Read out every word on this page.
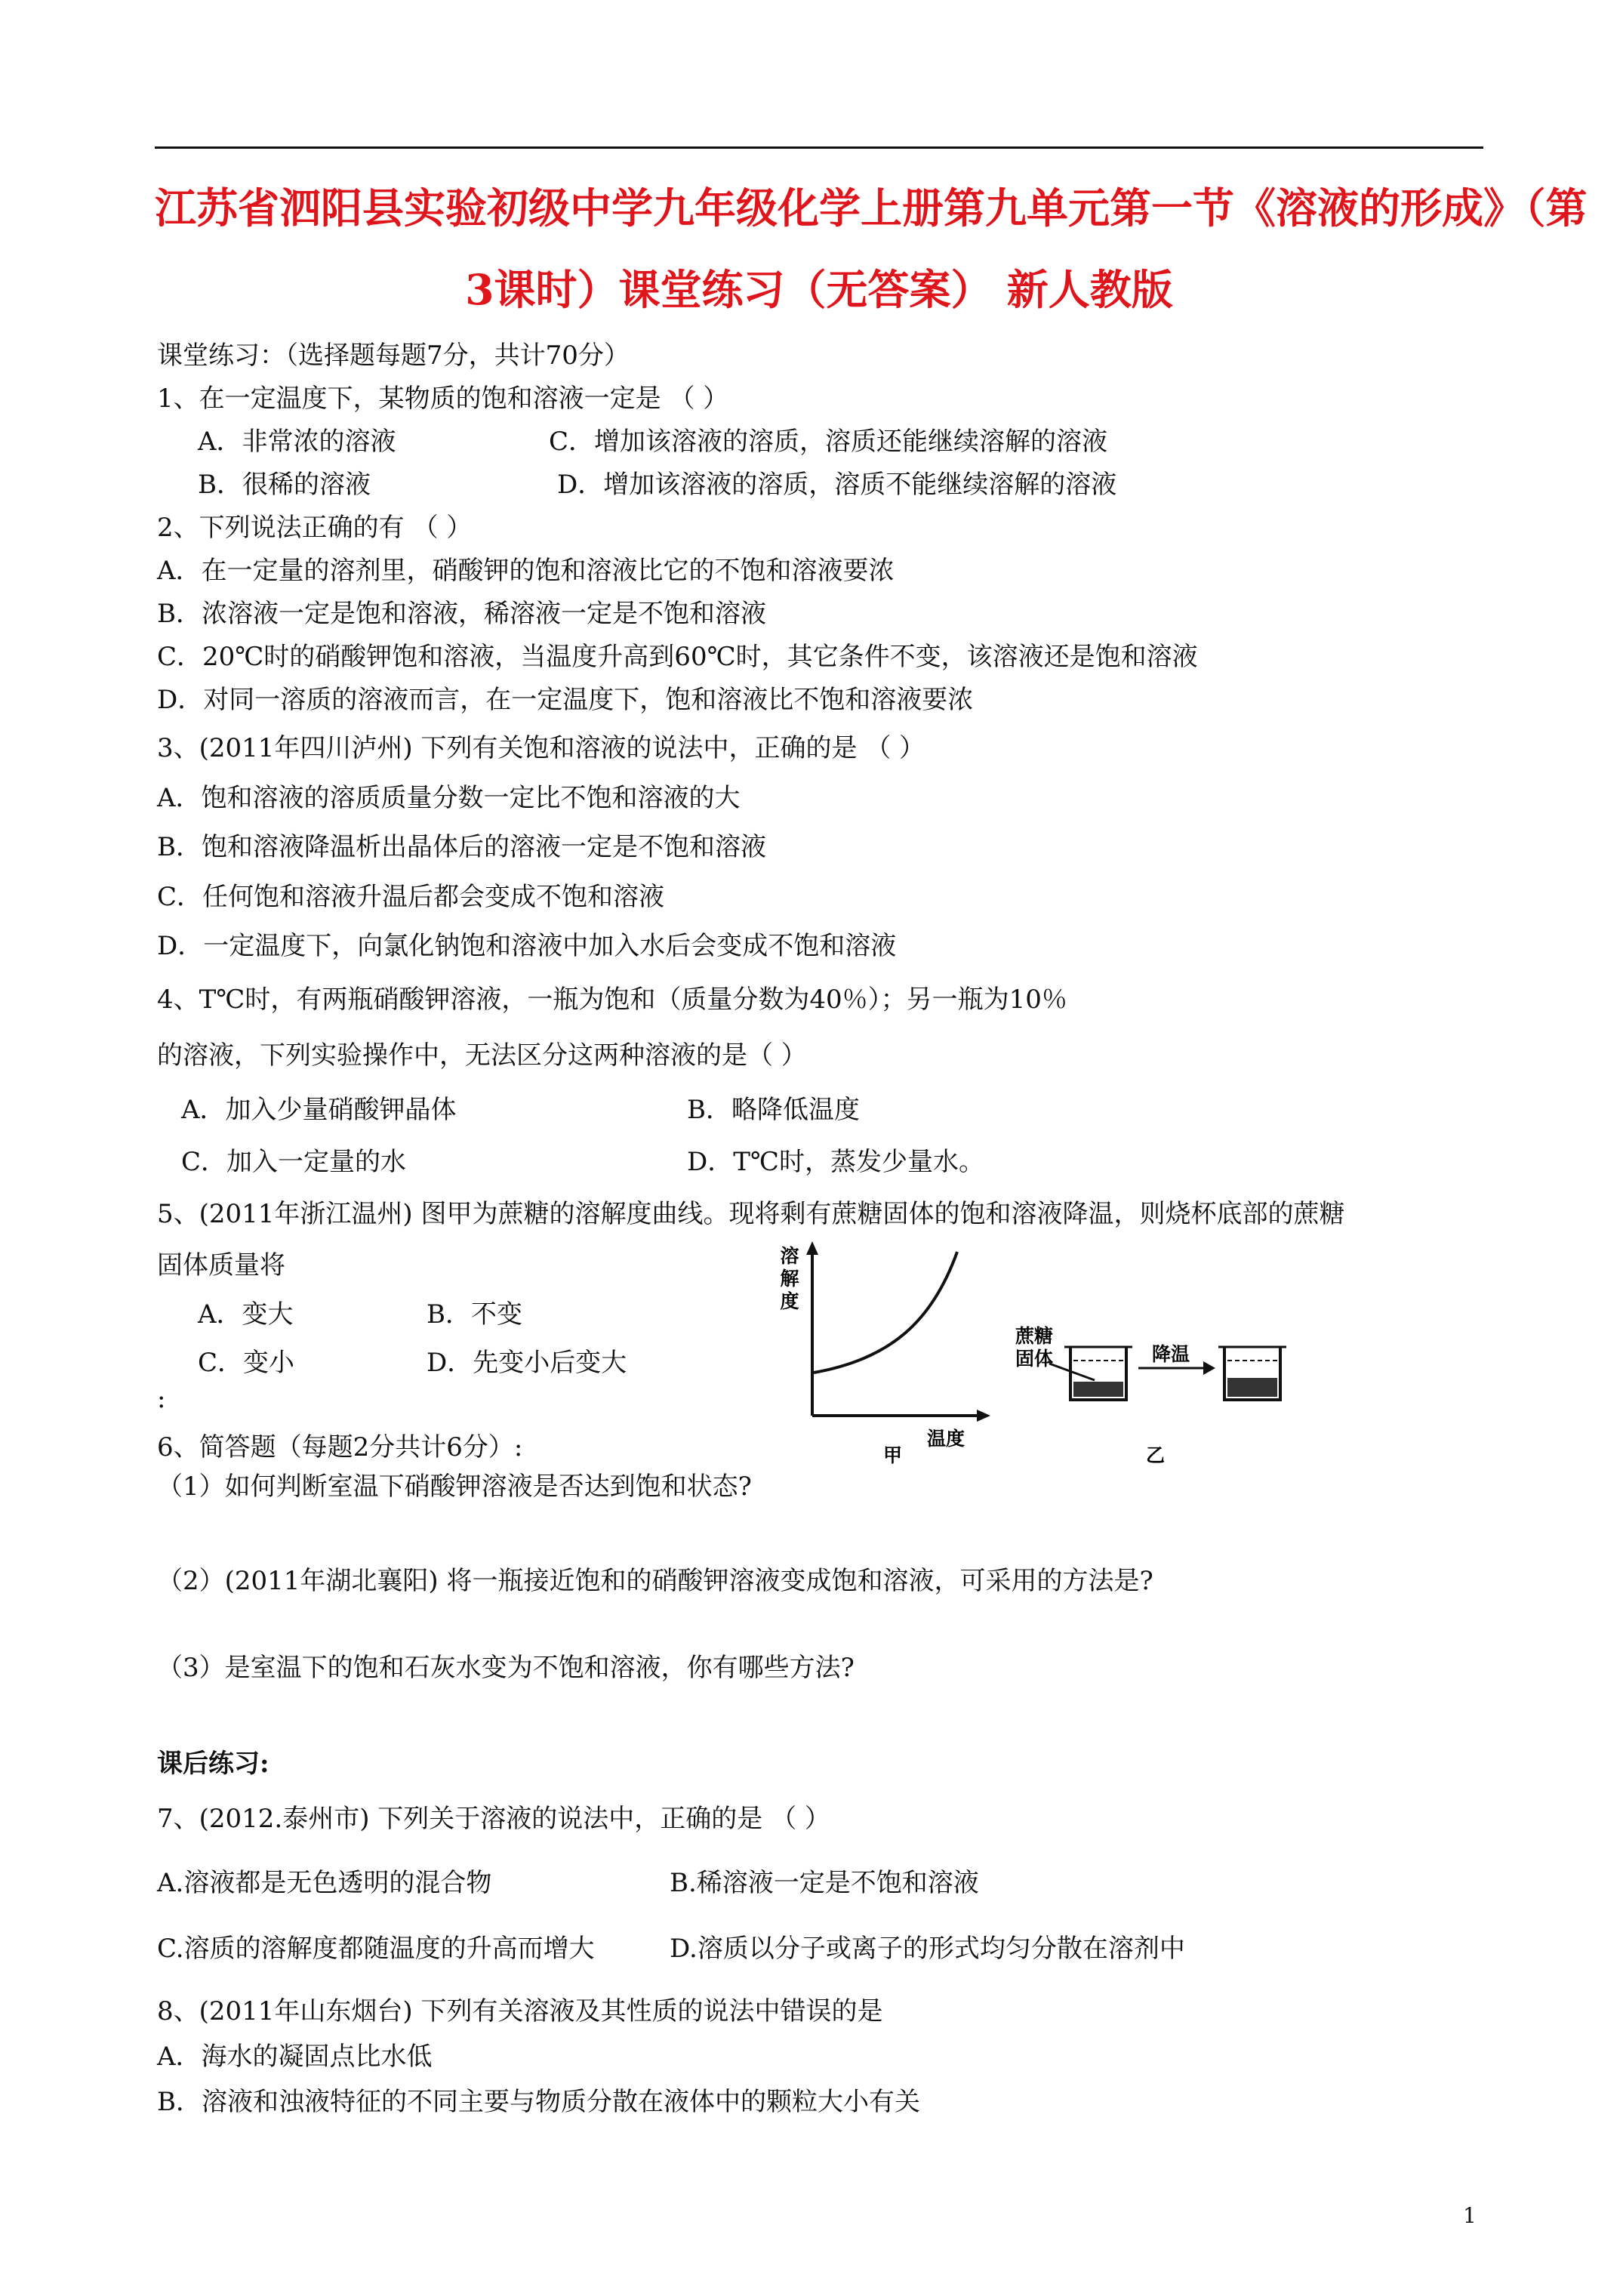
江苏省泗阳县实验初级中学九年级化学上册第九单元第一节《溶液的形成》（第
3课时）课堂练习（无答案） 新人教版
课堂练习：（选择题每题7分，共计70分）
1、在一定温度下，某物质的饱和溶液一定是 （ ）
A．非常浓的溶液	C．增加该溶液的溶质，溶质还能继续溶解的溶液
B．很稀的溶液	D．增加该溶液的溶质，溶质不能继续溶解的溶液
2、下列说法正确的有 （ ）
A．在一定量的溶剂里，硝酸钾的饱和溶液比它的不饱和溶液要浓
B．浓溶液一定是饱和溶液，稀溶液一定是不饱和溶液
C．20℃时的硝酸钾饱和溶液，当温度升高到60℃时，其它条件不变，该溶液还是饱和溶液
D．对同一溶质的溶液而言，在一定温度下，饱和溶液比不饱和溶液要浓
3、(2011年四川泸州) 下列有关饱和溶液的说法中，正确的是 （ ）
A．饱和溶液的溶质质量分数一定比不饱和溶液的大
B．饱和溶液降温析出晶体后的溶液一定是不饱和溶液
C．任何饱和溶液升温后都会变成不饱和溶液
D．一定温度下，向氯化钠饱和溶液中加入水后会变成不饱和溶液
4、T℃时，有两瓶硝酸钾溶液，一瓶为饱和（质量分数为40％）；另一瓶为10％
的溶液，下列实验操作中，无法区分这两种溶液的是（ ）
A．加入少量硝酸钾晶体	B．略降低温度
C．加入一定量的水	D．T℃时，蒸发少量水。
5、(2011年浙江温州) 图甲为蔗糖的溶解度曲线。现将剩有蔗糖固体的饱和溶液降温，则烧杯底部的蔗糖
固体质量将
A．变大	B．不变
C．变小	D．先变小后变大
:
溶解度
温度
甲
蔗糖固体	降温
乙
6、简答题（每题2分共计6分）:
（1）如何判断室温下硝酸钾溶液是否达到饱和状态?
（2）(2011年湖北襄阳) 将一瓶接近饱和的硝酸钾溶液变成饱和溶液，可采用的方法是?
（3）是室温下的饱和石灰水变为不饱和溶液，你有哪些方法?
课后练习:
7、(2012.泰州市) 下列关于溶液的说法中，正确的是 （ ）
A.溶液都是无色透明的混合物	B.稀溶液一定是不饱和溶液
C.溶质的溶解度都随温度的升高而增大	D.溶质以分子或离子的形式均匀分散在溶剂中
8、(2011年山东烟台) 下列有关溶液及其性质的说法中错误的是
A．海水的凝固点比水低
B．溶液和浊液特征的不同主要与物质分散在液体中的颗粒大小有关
1
